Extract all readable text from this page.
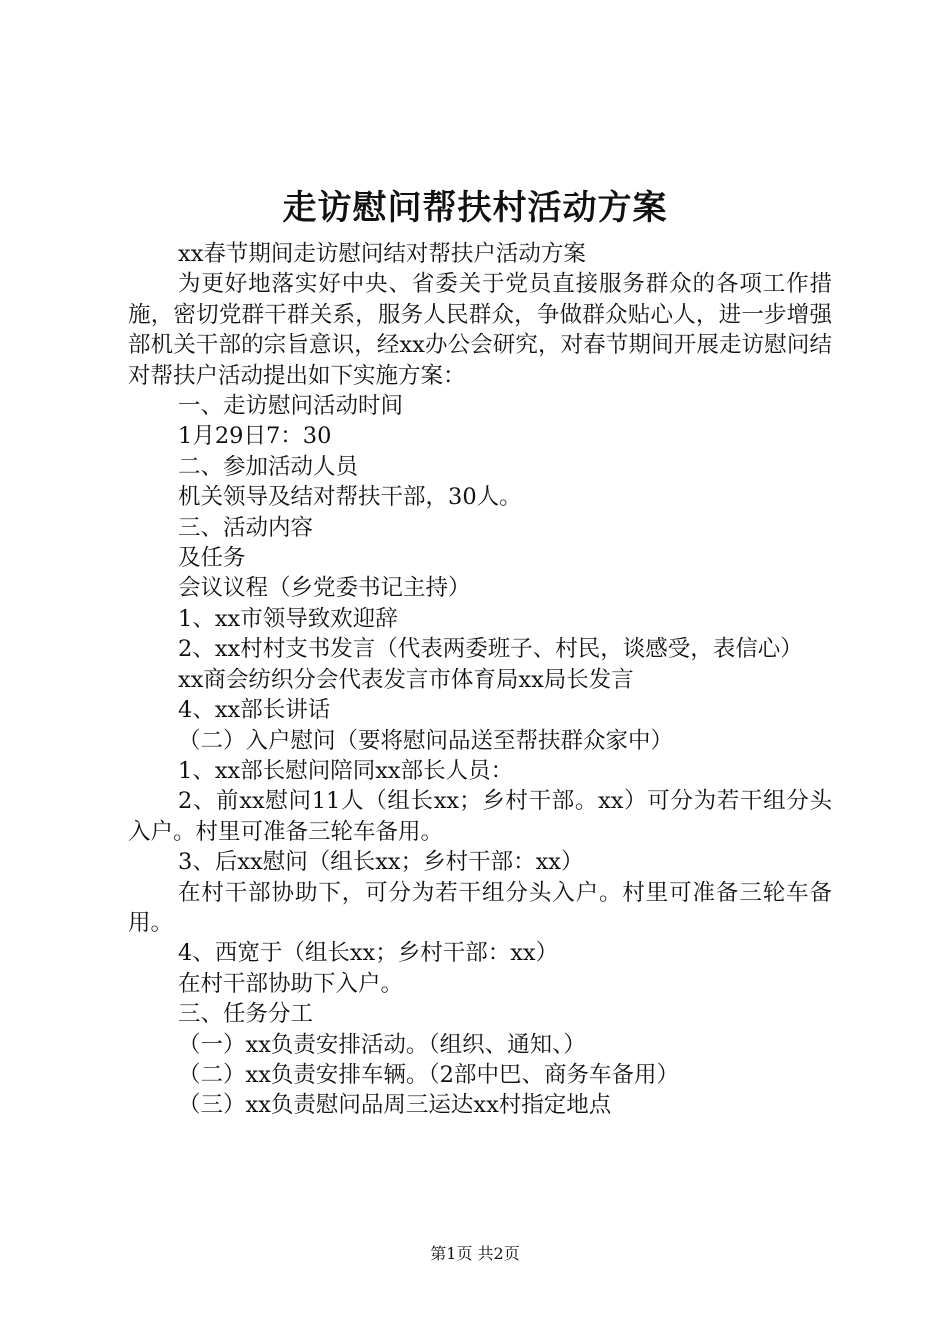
走访慰问帮扶村活动方案

xx春节期间走访慰问结对帮扶户活动方案

为更好地落实好中央、省委关于党员直接服务群众的各项工作措施，密切党群干群关系，服务人民群众，争做群众贴心人，进一步增强部机关干部的宗旨意识，经xx办公会研究，对春节期间开展走访慰问结对帮扶户活动提出如下实施方案：

一、走访慰问活动时间

1月29日7：30

二、参加活动人员

机关领导及结对帮扶干部，30人。

三、活动内容

及任务

会议议程（乡党委书记主持）

1、xx市领导致欢迎辞

2、xx村村支书发言（代表两委班子、村民，谈感受，表信心）

xx商会纺织分会代表发言市体育局xx局长发言

4、xx部长讲话

（二）入户慰问（要将慰问品送至帮扶群众家中）

1、xx部长慰问陪同xx部长人员：

2、前xx慰问11人（组长xx；乡村干部。xx）可分为若干组分头入户。村里可准备三轮车备用。

3、后xx慰问（组长xx；乡村干部：xx）

在村干部协助下，可分为若干组分头入户。村里可准备三轮车备用。

4、西宽于（组长xx；乡村干部：xx）

在村干部协助下入户。

三、任务分工

（一）xx负责安排活动。（组织、通知、）

（二）xx负责安排车辆。（2部中巴、商务车备用）

（三）xx负责慰问品周三运达xx村指定地点

第1页 共2页
